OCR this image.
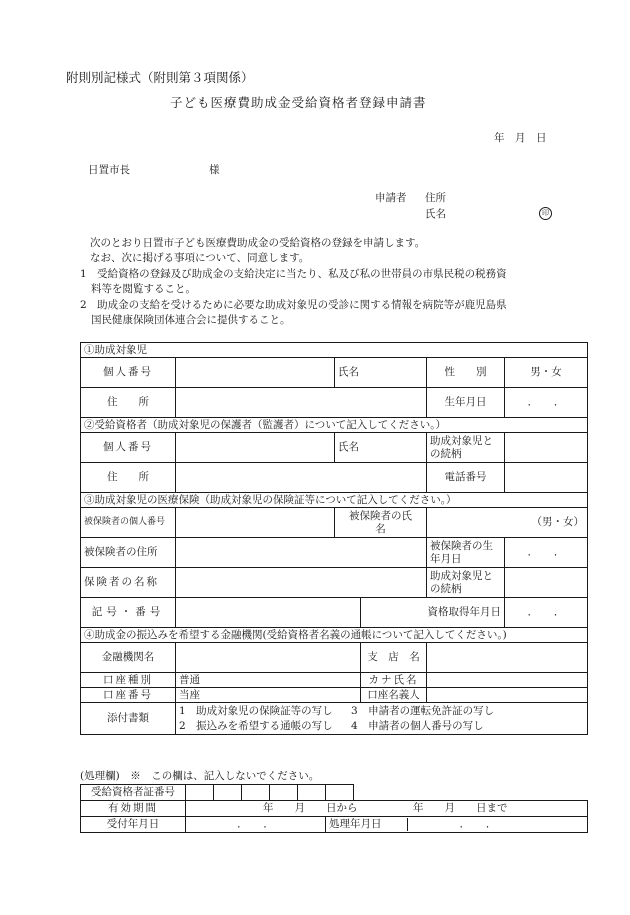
附則別記様式（附則第３項関係）
子ども医療費助成金受給資格者登録申請書
年　月　日
日置市長	様
申請者 住所
氏名	印
次のとおり日置市子ども医療費助成金の受給資格の登録を申請します。
なお、次に掲げる事項について、同意します。
1　受給資格の登録及び助成金の支給決定に当たり、私及び私の世帯員の市県民税の税務資
料等を閲覧すること。
2　助成金の支給を受けるために必要な助成対象児の受診に関する情報を病院等が鹿児島県
国民健康保険団体連合会に提供すること。
①助成対象児					
個人番号		氏名		性　　別	男・女
住　　所				生年月日	．　　．
②受給資格者（助成対象児の保護者（監護者）について記入してください。）					
個人番号		氏名		助成対象児との続柄	
住　　所				電話番号	
③助成対象児の医療保険（助成対象児の保険証等について記入してください。）					
被保険者の個人番号		被保険者の氏　　名		（男・女）	
被保険者の住所				被保険者の生年月日	．　　．
保険者の名称				助成対象児との続柄	
記号・番号			資格取得年月日		．　　．
④助成金の振込みを希望する金融機関(受給資格者名義の通帳について記入してください。)					
金融機関名			支　店　名		
口座種別	普通		カナ氏名		
口座番号	当座		口座名義人		
添付書類	1　助成対象児の保険証等の写し 3　申請者の運転免許証の写し
2　振込みを希望する通帳の写し 4　申請者の個人番号の写し				
(処理欄)　※　この欄は、記入しないでください。
受給資格者証番号							
有効期間	年　　月　　日から 年　　月　　日まで						
受付年月日	．　　．					処理年月日 ．　　．	
